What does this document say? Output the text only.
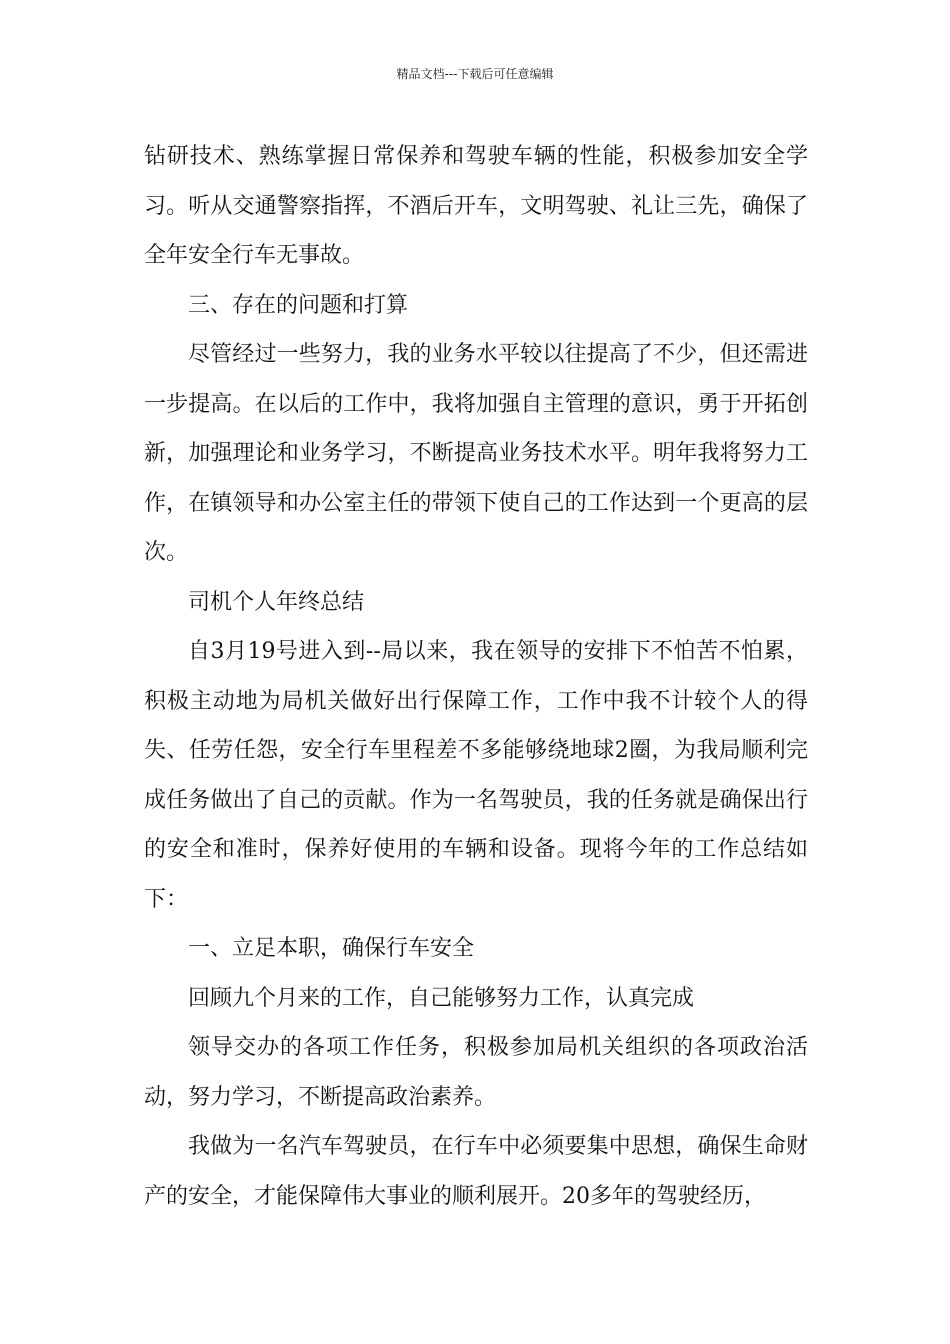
精品文档---下载后可任意编辑

钻研技术、熟练掌握日常保养和驾驶车辆的性能，积极参加安全学习。听从交通警察指挥，不酒后开车，文明驾驶、礼让三先，确保了全年安全行车无事故。

三、存在的问题和打算

尽管经过一些努力，我的业务水平较以往提高了不少，但还需进一步提高。在以后的工作中，我将加强自主管理的意识，勇于开拓创新，加强理论和业务学习，不断提高业务技术水平。明年我将努力工作，在镇领导和办公室主任的带领下使自己的工作达到一个更高的层次。

司机个人年终总结

自3月19号进入到--局以来，我在领导的安排下不怕苦不怕累，积极主动地为局机关做好出行保障工作，工作中我不计较个人的得失、任劳任怨，安全行车里程差不多能够绕地球2圈，为我局顺利完成任务做出了自己的贡献。作为一名驾驶员，我的任务就是确保出行的安全和准时，保养好使用的车辆和设备。现将今年的工作总结如下：

一、立足本职，确保行车安全

回顾九个月来的工作，自己能够努力工作，认真完成

领导交办的各项工作任务，积极参加局机关组织的各项政治活动，努力学习，不断提高政治素养。

我做为一名汽车驾驶员，在行车中必须要集中思想，确保生命财产的安全，才能保障伟大事业的顺利展开。20多年的驾驶经历，
